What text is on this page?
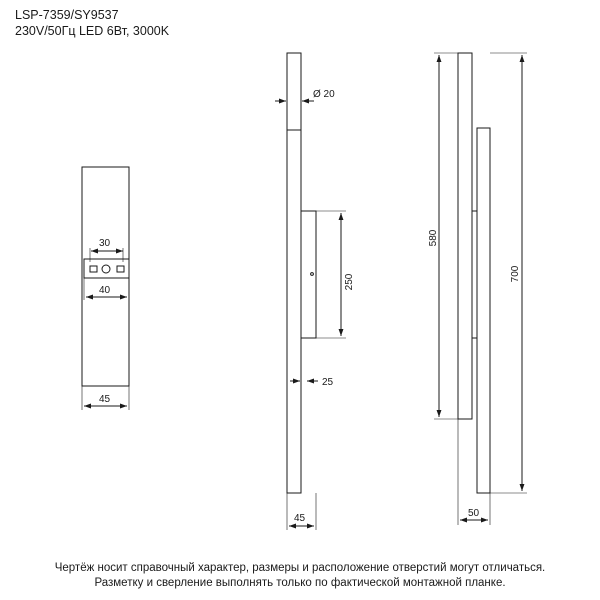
LSP-7359/SY9537
230V/50Гц LED 6Вт, 3000K
30
40
45
Ø 20
250
25
45
580
700
50
Чертёж носит справочный характер, размеры и расположение отверстий могут отличаться.
Разметку и сверление выполнять только по фактической монтажной планке.
